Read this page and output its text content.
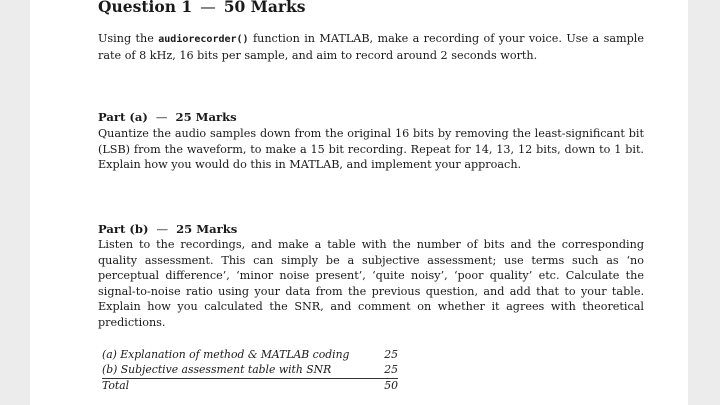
Question 1 — 50 Marks
Using the audiorecorder() function in MATLAB, make a recording of your voice. Use a sample rate of 8 kHz, 16 bits per sample, and aim to record around 2 seconds worth.
Part (a) — 25 Marks
Quantize the audio samples down from the original 16 bits by removing the least-significant bit (LSB) from the waveform, to make a 15 bit recording. Repeat for 14, 13, 12 bits, down to 1 bit. Explain how you would do this in MATLAB, and implement your approach.
Part (b) — 25 Marks
Listen to the recordings, and make a table with the number of bits and the corresponding quality assessment. This can simply be a subjective assessment; use terms such as ‘no perceptual difference’, ‘minor noise present’, ‘quite noisy’, ‘poor quality’ etc. Calculate the signal-to-noise ratio using your data from the previous question, and add that to your table. Explain how you calculated the SNR, and comment on whether it agrees with theoretical predictions.
(a) Explanation of method & MATLAB coding	25
(b) Subjective assessment table with SNR	25
Total	50
